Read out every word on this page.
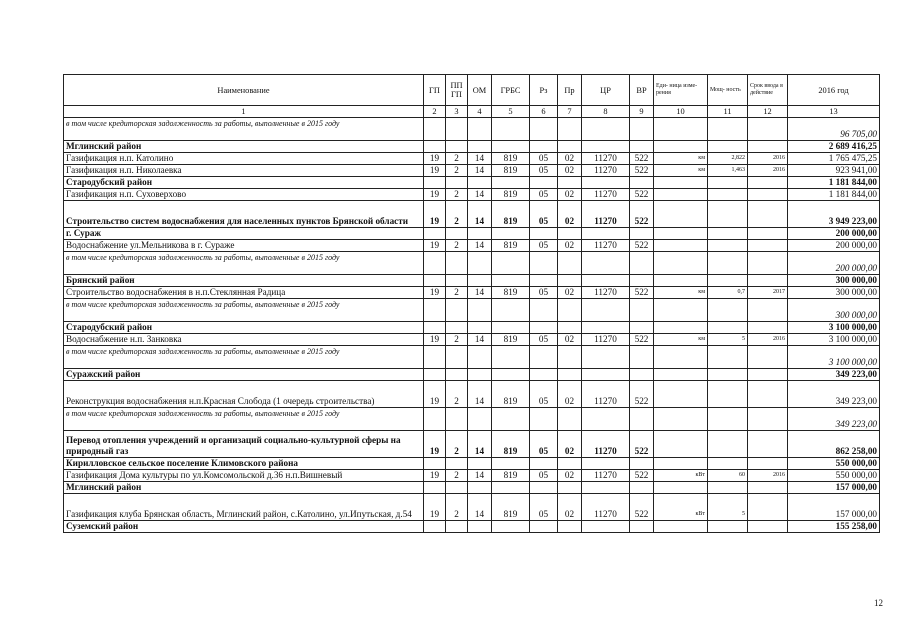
Наименование	ГП	ПП ГП	ОМ	ГРБС	Рз	Пр	ЦР	ВР	Еди- ница изме- рения	Мощ- ность	Срок ввода в действие	2016 год
1	2	3	4	5	6	7	8	9	10	11	12	13
в том числе кредиторская задолженность за работы, выполненные в 2015 году												96 705,00
Мглинский район												2 689 416,25
Газификация н.п. Католино	19	2	14	819	05	02	11270	522	км	2,822	2016	1 765 475,25
Газификация н.п. Николаевка	19	2	14	819	05	02	11270	522	км	1,463	2016	923 941,00
Стародубский район												1 181 844,00
Газификация н.п. Суховерхово	19	2	14	819	05	02	11270	522				1 181 844,00
Строительство систем водоснабжения для населенных пунктов Брянской области	19	2	14	819	05	02	11270	522				3 949 223,00
г. Сураж												200 000,00
Водоснабжение ул.Мельникова в г. Сураже	19	2	14	819	05	02	11270	522				200 000,00
в том числе кредиторская задолженность за работы, выполненные в 2015 году												200 000,00
Брянский район												300 000,00
Строительство водоснабжения в н.п.Стеклянная Радица	19	2	14	819	05	02	11270	522	км	0,7	2017	300 000,00
в том числе кредиторская задолженность за работы, выполненные в 2015 году												300 000,00
Стародубский район												3 100 000,00
Водоснабжение н.п. Занковка	19	2	14	819	05	02	11270	522	км	5	2016	3 100 000,00
в том числе кредиторская задолженность за работы, выполненные в 2015 году												3 100 000,00
Суражский район												349 223,00
Реконструкция водоснабжения н.п.Красная Слобода (1 очередь строительства)	19	2	14	819	05	02	11270	522				349 223,00
в том числе кредиторская задолженность за работы, выполненные в 2015 году												349 223,00
Перевод отопления учреждений и организаций социально-культурной сферы на природный газ	19	2	14	819	05	02	11270	522				862 258,00
Кирилловское сельское поселение Климовского района												550 000,00
Газификация Дома культуры по ул.Комсомольской д.36 н.п.Вишневый	19	2	14	819	05	02	11270	522	кВт	60	2016	550 000,00
Мглинский район												157 000,00
Газификация клуба Брянская область, Мглинский район, с.Католино, ул.Ипутьская, д.54	19	2	14	819	05	02	11270	522	кВт	5		157 000,00
Суземский район												155 258,00
12
